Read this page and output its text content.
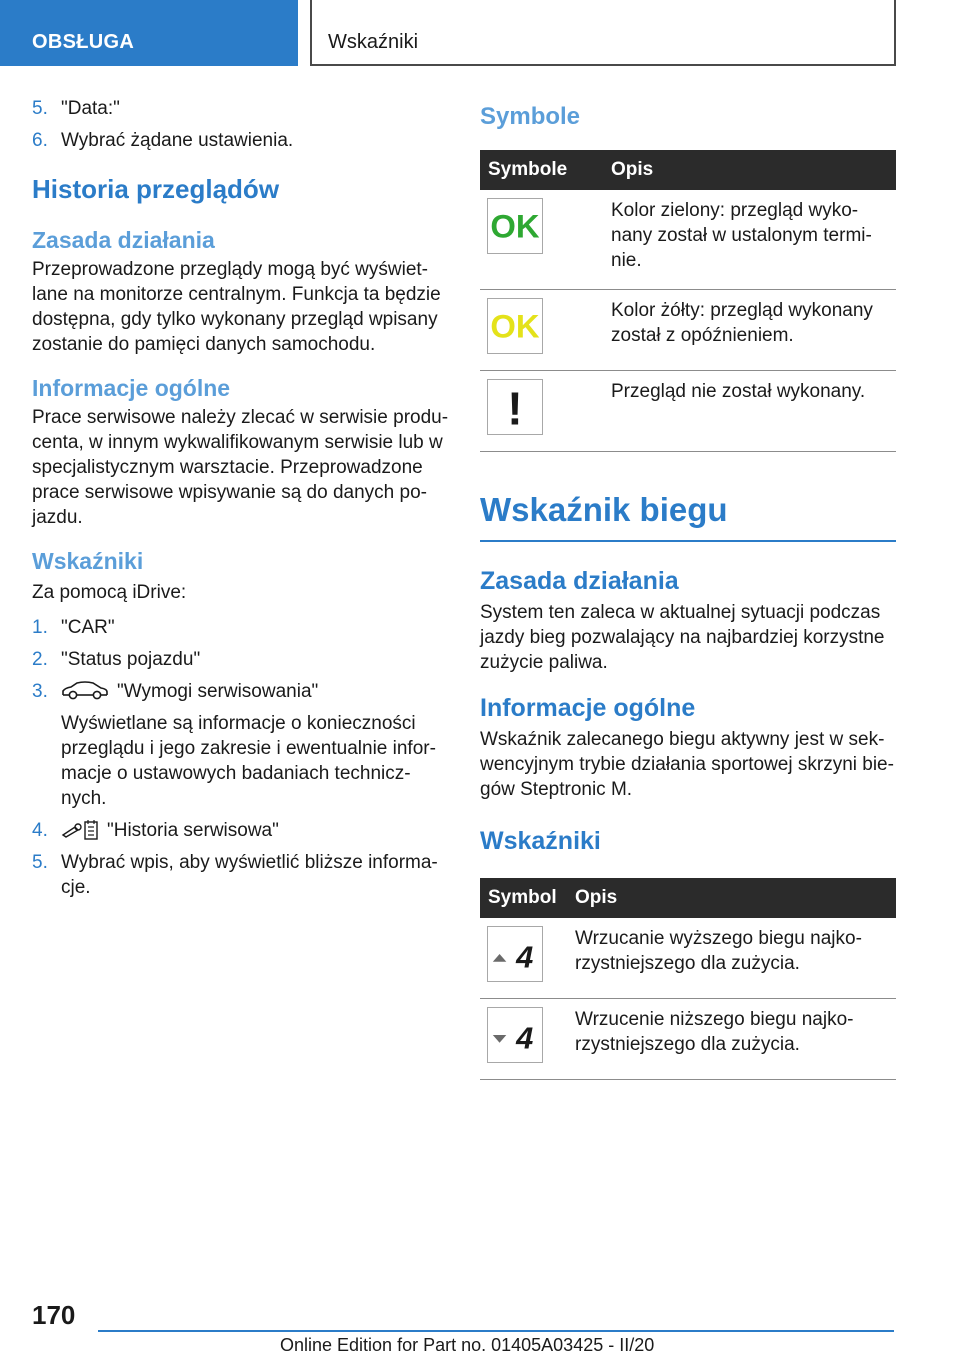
OBSŁUGA	Wskaźniki
5. "Data:"
6. Wybrać żądane ustawienia.
Historia przeglądów
Zasada działania

Przeprowadzone przeglądy mogą być wyświet-lane na monitorze centralnym. Funkcja ta będzie dostępna, gdy tylko wykonany przegląd wpisany zostanie do pamięci danych samochodu.

Informacje ogólne

Prace serwisowe należy zlecać w serwisie produ-centa, w innym wykwalifikowanym serwisie lub w specjalistycznym warsztacie. Przeprowadzone prace serwisowe wpisywanie są do danych po-jazdu.

Wskaźniki

Za pomocą iDrive:

1. "CAR"
2. "Status pojazdu"
3.	"Wymogi serwisowania"
Wyświetlane są informacje o konieczności przeglądu i jego zakresie i ewentualnie infor-macje o ustawowych badaniach technicz-nych.
4.	"Historia serwisowa"
5. Wybrać wpis, aby wyświetlić bliższe informa-cje.
Symbole
Symbole	Opis

OK	Kolor zielony: przegląd wyko-nany został w ustalonym termi-nie.

OK	Kolor żółty: przegląd wykonany został z opóźnieniem.

!	Przegląd nie został wykonany.
Wskaźnik biegu
Zasada działania

System ten zaleca w aktualnej sytuacji podczas jazdy bieg pozwalający na najbardziej korzystne zużycie paliwa.

Informacje ogólne

Wskaźnik zalecanego biegu aktywny jest w sek-wencyjnym trybie działania sportowej skrzyni bie-gów Steptronic M.

Wskaźniki
Symbol	Opis

4	Wrzucanie wyższego biegu najko-rzystniejszego dla zużycia.

4	Wrzucenie niższego biegu najko-rzystniejszego dla zużycia.
170
Online Edition for Part no. 01405A03425 - II/20
